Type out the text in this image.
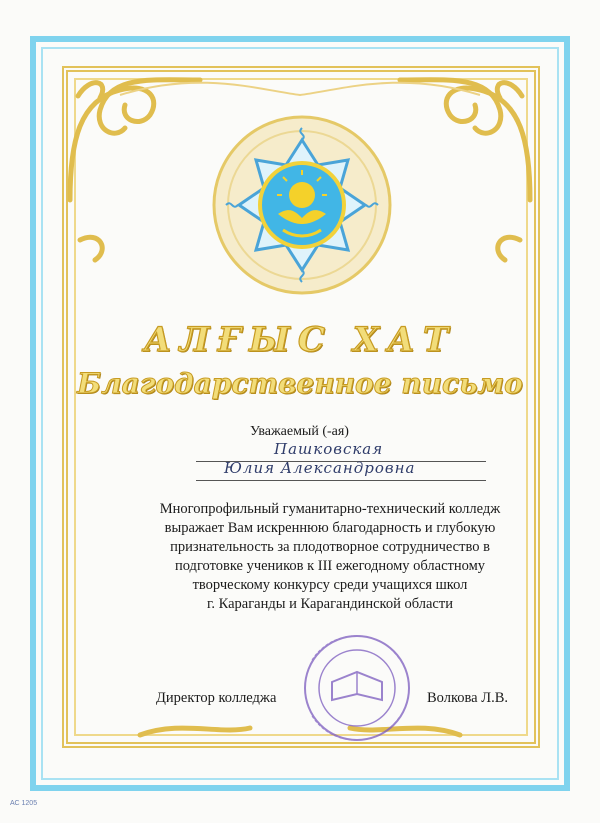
АЛҒЫС ХАТ
Благодарственное письмо
Уважаемый (-ая)
Пашковская
Юлия Александровна
Многопрофильный гуманитарно-технический колледж
выражает Вам искреннюю благодарность и глубокую
признательность за плодотворное сотрудничество в
подготовке учеников к III ежегодному областному
творческому конкурсу среди учащихся школ
г. Караганды и Карагандинской области
Директор колледжа	Волкова Л.В.
АС 1205
